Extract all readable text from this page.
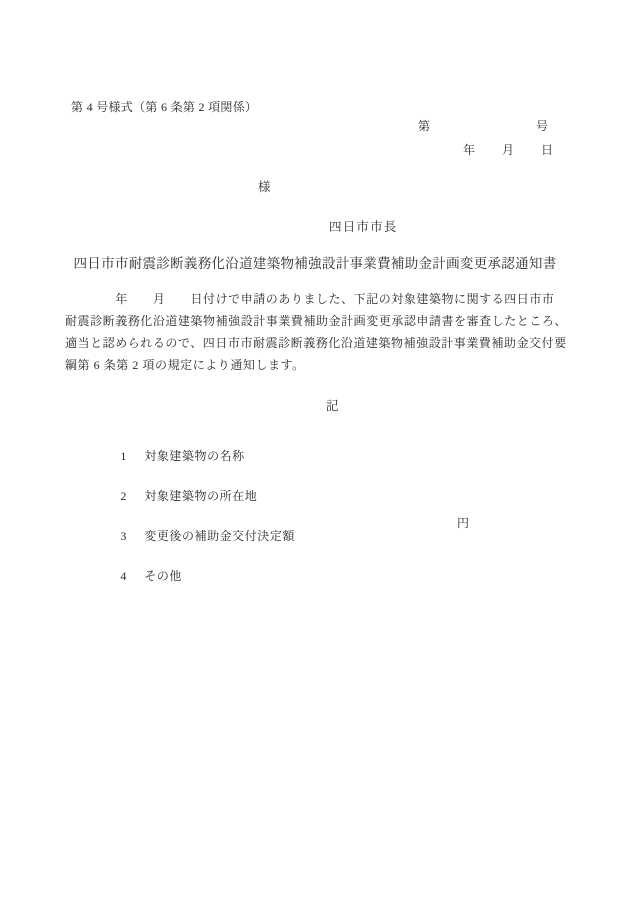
第 4 号様式（第 6 条第 2 項関係）
第	号
年 月 日
様
四日市市長
四日市市耐震診断義務化沿道建築物補強設計事業費補助金計画変更承認通知書
　　　　年　　月　　日付けで申請のありました、下記の対象建築物に関する四日市市
耐震診断義務化沿道建築物補強設計事業費補助金計画変更承認申請書を審査したところ、
適当と認められるので、四日市市耐震診断義務化沿道建築物補強設計事業費補助金交付要
綱第 6 条第 2 項の規定により通知します。
記

1 対象建築物の名称

2 対象建築物の所在地

3 変更後の補助金交付決定額

円

4 その他
